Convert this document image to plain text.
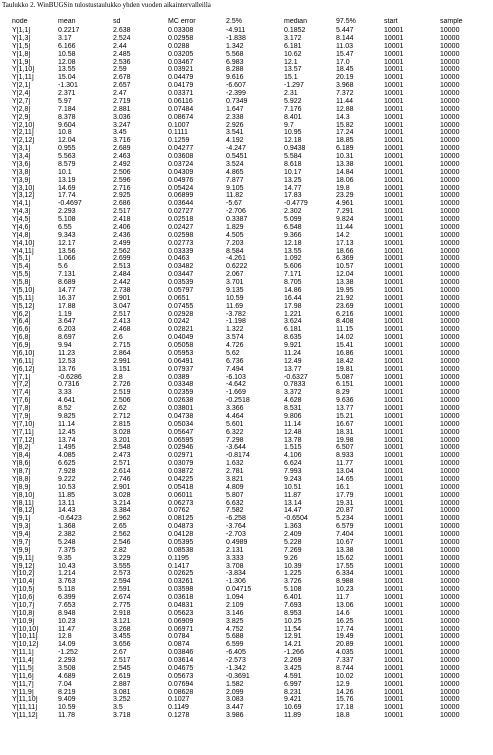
Taulukko 2. WinBUGSin tulostustaulukko yhden vuoden aikaintervalleilla
node	mean	sd	MC error	2.5%	median	97.5%	start	sample
Y[1,1]	0.2217	2.638	0.03308	-4.911	0.1852	5.447	10001	10000
Y[1,3]	3.17	2.524	0.02958	-1.838	3.172	8.144	10001	10000
Y[1,5]	6.166	2.44	0.0288	1.342	6.181	11.03	10001	10000
Y[1,8]	10.58	2.485	0.03205	5.568	10.62	15.47	10001	10000
Y[1,9]	12.08	2.536	0.03467	6.983	12.1	17.0	10001	10000
Y[1,10]	13.55	2.59	0.03921	8.288	13.57	18.45	10001	10000
Y[1,11]	15.04	2.678	0.04479	9.616	15.1	20.19	10001	10000
Y[2,1]	-1.301	2.657	0.04179	-6.607	-1.297	3.968	10001	10000
Y[2,4]	2.371	2.47	0.03371	-2.399	2.31	7.372	10001	10000
Y[2,7]	5.97	2.719	0.06116	0.7349	5.922	11.44	10001	10000
Y[2,8]	7.184	2.881	0.07484	1.647	7.176	12.88	10001	10000
Y[2,9]	8.378	3.036	0.08674	2.338	8.401	14.3	10001	10000
Y[2,10]	9.604	3.247	0.1007	2.926	9.7	15.82	10001	10000
Y[2,11]	10.8	3.45	0.1111	3.541	10.95	17.24	10001	10000
Y[2,12]	12.04	3.716	0.1259	4.192	12.18	18.85	10001	10000
Y[3,1]	0.955	2.689	0.04277	-4.247	0.9438	6.189	10001	10000
Y[3,4]	5.563	2.463	0.03608	0.5451	5.584	10.31	10001	10000
Y[3,6]	8.579	2.492	0.03724	3.524	8.618	13.38	10001	10000
Y[3,8]	10.1	2.506	0.04309	4.865	10.17	14.84	10001	10000
Y[3,9]	13.19	2.596	0.04976	7.877	13.25	18.06	10001	10000
Y[3,10]	14.69	2.716	0.05424	9.105	14.77	19.8	10001	10000
Y[3,12]	17.74	2.925	0.06899	11.82	17.83	23.29	10001	10000
Y[4,1]	-0.4697	2.686	0.03644	-5.67	-0.4779	4.961	10001	10000
Y[4,3]	2.293	2.517	0.02727	-2.706	2.302	7.291	10001	10000
Y[4,5]	5.108	2.418	0.02518	0.3387	5.099	9.824	10001	10000
Y[4,6]	6.55	2.406	0.02427	1.829	6.548	11.44	10001	10000
Y[4,8]	9.343	2.436	0.02598	4.505	9.366	14.2	10001	10000
Y[4,10]	12.17	2.499	0.02773	7.203	12.18	17.13	10001	10000
Y[4,11]	13.56	2.562	0.03339	8.584	13.55	18.66	10001	10000
Y[5,1]	1.066	2.699	0.0463	-4.261	1.092	6.369	10001	10000
Y[5,4]	5.6	2.513	0.03482	0.6222	5.606	10.57	10001	10000
Y[5,5]	7.131	2.484	0.03447	2.067	7.171	12.04	10001	10000
Y[5,8]	8.689	2.442	0.03539	3.701	8.705	13.38	10001	10000
Y[5,10]	14.77	2.738	0.05797	9.135	14.86	19.95	10001	10000
Y[5,11]	16.37	2.901	0.0651	10.59	16.44	21.92	10001	10000
Y[5,12]	17.88	3.047	0.07455	11.69	17.98	23.69	10001	10000
Y[6,2]	1.19	2.517	0.02928	-3.782	1.221	6.216	10001	10000
Y[6,4]	3.647	2.413	0.0242	-1.198	3.624	8.408	10001	10000
Y[6,6]	6.203	2.468	0.02821	1.322	6.181	11.15	10001	10000
Y[6,8]	8.697	2.6	0.04049	3.574	8.635	14.02	10001	10000
Y[6,9]	9.94	2.715	0.05058	4.726	9.921	15.41	10001	10000
Y[6,10]	11.23	2.864	0.05953	5.62	11.24	16.86	10001	10000
Y[6,11]	12.53	2.991	0.06491	6.736	12.49	18.42	10001	10000
Y[6,12]	13.76	3.151	0.07937	7.494	13.77	19.81	10001	10000
Y[7,1]	-0.6286	2.8	0.0389	-6.103	-0.6327	5.087	10001	10000
Y[7,2]	0.7316	2.726	0.03348	-4.642	0.7833	6.151	10001	10000
Y[7,4]	3.33	2.519	0.02359	-1.669	3.372	8.29	10001	10000
Y[7,6]	4.641	2.506	0.02638	-0.2518	4.628	9.636	10001	10000
Y[7,8]	8.52	2.62	0.03801	3.366	8.531	13.77	10001	10000
Y[7,9]	9.825	2.712	0.04738	4.464	9.806	15.21	10001	10000
Y[7,10]	11.14	2.815	0.05034	5.601	11.14	16.67	10001	10000
Y[7,11]	12.45	3.028	0.05647	6.322	12.48	18.31	10001	10000
Y[7,12]	13.74	3.201	0.06595	7.298	13.78	19.98	10001	10000
Y[8,2]	1.495	2.548	0.02946	-3.644	1.515	6.507	10001	10000
Y[8,4]	4.085	2.473	0.02971	-0.8174	4.106	8.933	10001	10000
Y[8,6]	6.625	2.571	0.03079	1.632	6.624	11.77	10001	10000
Y[8,7]	7.928	2.614	0.03872	2.781	7.993	13.04	10001	10000
Y[8,8]	9.222	2.746	0.04225	3.821	9.243	14.65	10001	10000
Y[8,9]	10.53	2.901	0.05418	4.809	10.51	16.1	10001	10000
Y[8,10]	11.85	3.028	0.06011	5.807	11.87	17.79	10001	10000
Y[8,11]	13.11	3.214	0.06273	6.632	13.14	19.31	10001	10000
Y[8,12]	14.43	3.384	0.0762	7.582	14.47	20.87	10001	10000
Y[9,1]	-0.6423	2.962	0.08125	-6.258	-0.6504	5.234	10001	10000
Y[9,3]	1.368	2.65	0.04873	-3.764	1.363	6.579	10001	10000
Y[9,4]	2.382	2.562	0.04128	-2.703	2.409	7.404	10001	10000
Y[9,7]	5.248	2.546	0.05395	0.4989	5.228	10.67	10001	10000
Y[9,9]	7.375	2.82	0.08538	2.131	7.269	13.38	10001	10000
Y[9,11]	9.35	3.229	0.1195	3.333	9.26	15.62	10001	10000
Y[9,12]	10.43	3.555	0.1417	3.708	10.39	17.55	10001	10000
Y[10,2]	1.214	2.573	0.02625	-3.834	1.225	6.334	10001	10000
Y[10,4]	3.763	2.594	0.03261	-1.306	3.726	8.988	10001	10000
Y[10,5]	5.118	2.591	0.03598	0.04715	5.108	10.23	10001	10000
Y[10,6]	6.399	2.674	0.03618	1.094	6.401	11.7	10001	10000
Y[10,7]	7.653	2.775	0.04831	2.109	7.693	13.06	10001	10000
Y[10,8]	8.948	2.918	0.05623	3.146	8.953	14.6	10001	10000
Y[10,9]	10.23	3.121	0.06909	3.825	10.25	16.25	10001	10000
Y[10,10]	11.47	3.268	0.06971	4.752	11.54	17.74	10001	10000
Y[10,11]	12.8	3.455	0.0784	5.688	12.91	19.49	10001	10000
Y[10,12]	14.09	3.656	0.0874	6.599	14.21	20.89	10001	10000
Y[11,1]	-1.252	2.67	0.03846	-6.405	-1.266	4.035	10001	10000
Y[11,4]	2.293	2.517	0.03614	-2.573	2.269	7.337	10001	10000
Y[11,5]	3.508	2.545	0.04675	-1.342	3.425	8.744	10001	10000
Y[11,6]	4.689	2.619	0.05673	-0.3691	4.591	10.02	10001	10000
Y[11,7]	7.04	2.887	0.07694	1.582	6.997	12.9	10001	10000
Y[11,9]	8.219	3.081	0.08628	2.099	8.231	14.26	10001	10000
Y[11,10]	9.409	3.252	0.1027	3.083	9.421	15.76	10001	10000
Y[11,11]	10.59	3.5	0.1149	3.447	10.69	17.18	10001	10000
Y[11,12]	11.78	3.718	0.1278	3.986	11.89	18.8	10001	10000
